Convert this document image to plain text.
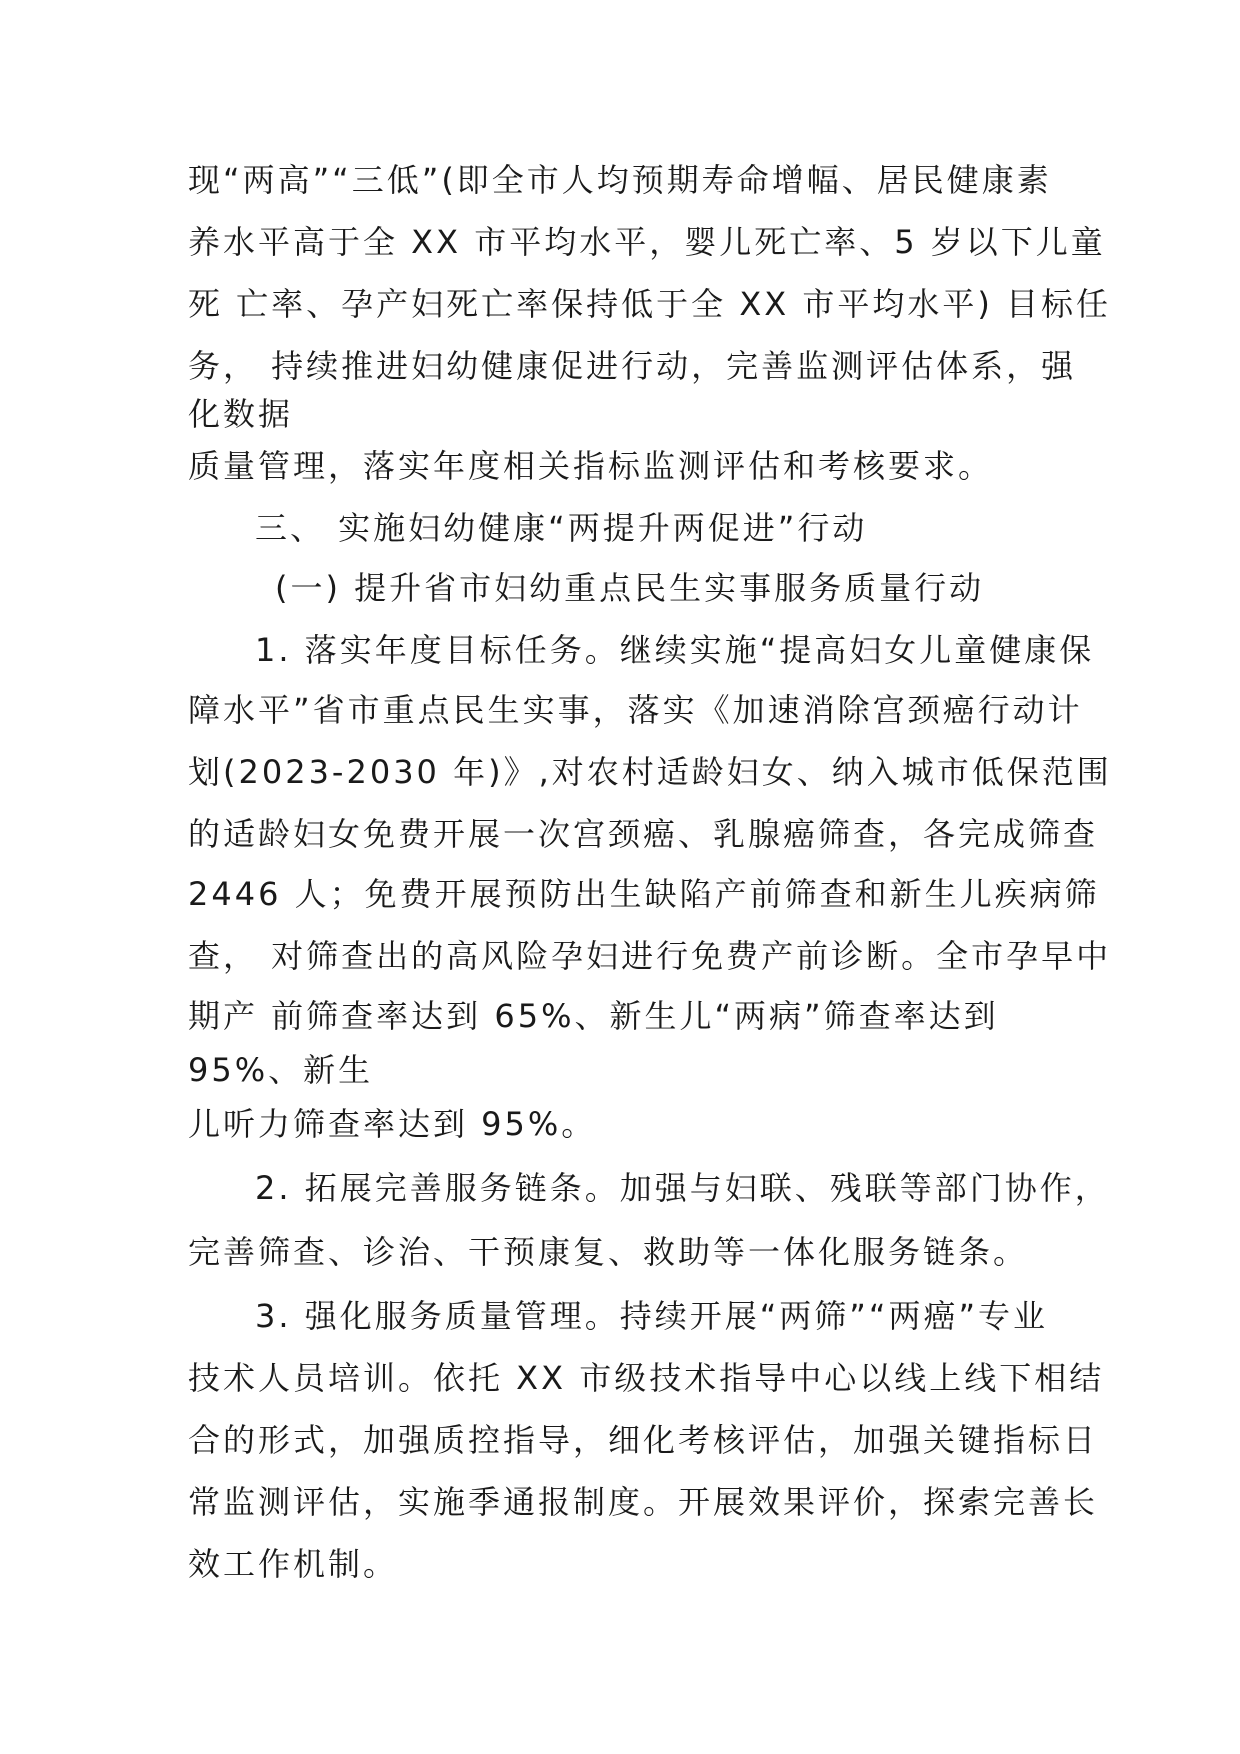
现“两高”“三低”(即全市人均预期寿命增幅、居民健康素
养水平高于全 XX 市平均水平，婴儿死亡率、5 岁以下儿童
死 亡率、孕产妇死亡率保持低于全 XX 市平均水平) 目标任
务， 持续推进妇幼健康促进行动，完善监测评估体系，强
化数据
质量管理，落实年度相关指标监测评估和考核要求。
三、 实施妇幼健康“两提升两促进”行动
(一) 提升省市妇幼重点民生实事服务质量行动
1. 落实年度目标任务。继续实施“提高妇女儿童健康保
障水平”省市重点民生实事，落实《加速消除宫颈癌行动计
划(2023-2030 年)》,对农村适龄妇女、纳入城市低保范围
的适龄妇女免费开展一次宫颈癌、乳腺癌筛查，各完成筛查
2446 人；免费开展预防出生缺陷产前筛查和新生儿疾病筛
查， 对筛查出的高风险孕妇进行免费产前诊断。全市孕早中
期产 前筛查率达到 65%、新生儿“两病”筛查率达到
95%、新生
儿听力筛查率达到 95%。
2. 拓展完善服务链条。加强与妇联、残联等部门协作，
完善筛查、诊治、干预康复、救助等一体化服务链条。
3. 强化服务质量管理。持续开展“两筛”“两癌”专业
技术人员培训。依托 XX 市级技术指导中心以线上线下相结
合的形式，加强质控指导，细化考核评估，加强关键指标日
常监测评估，实施季通报制度。开展效果评价，探索完善长
效工作机制。
